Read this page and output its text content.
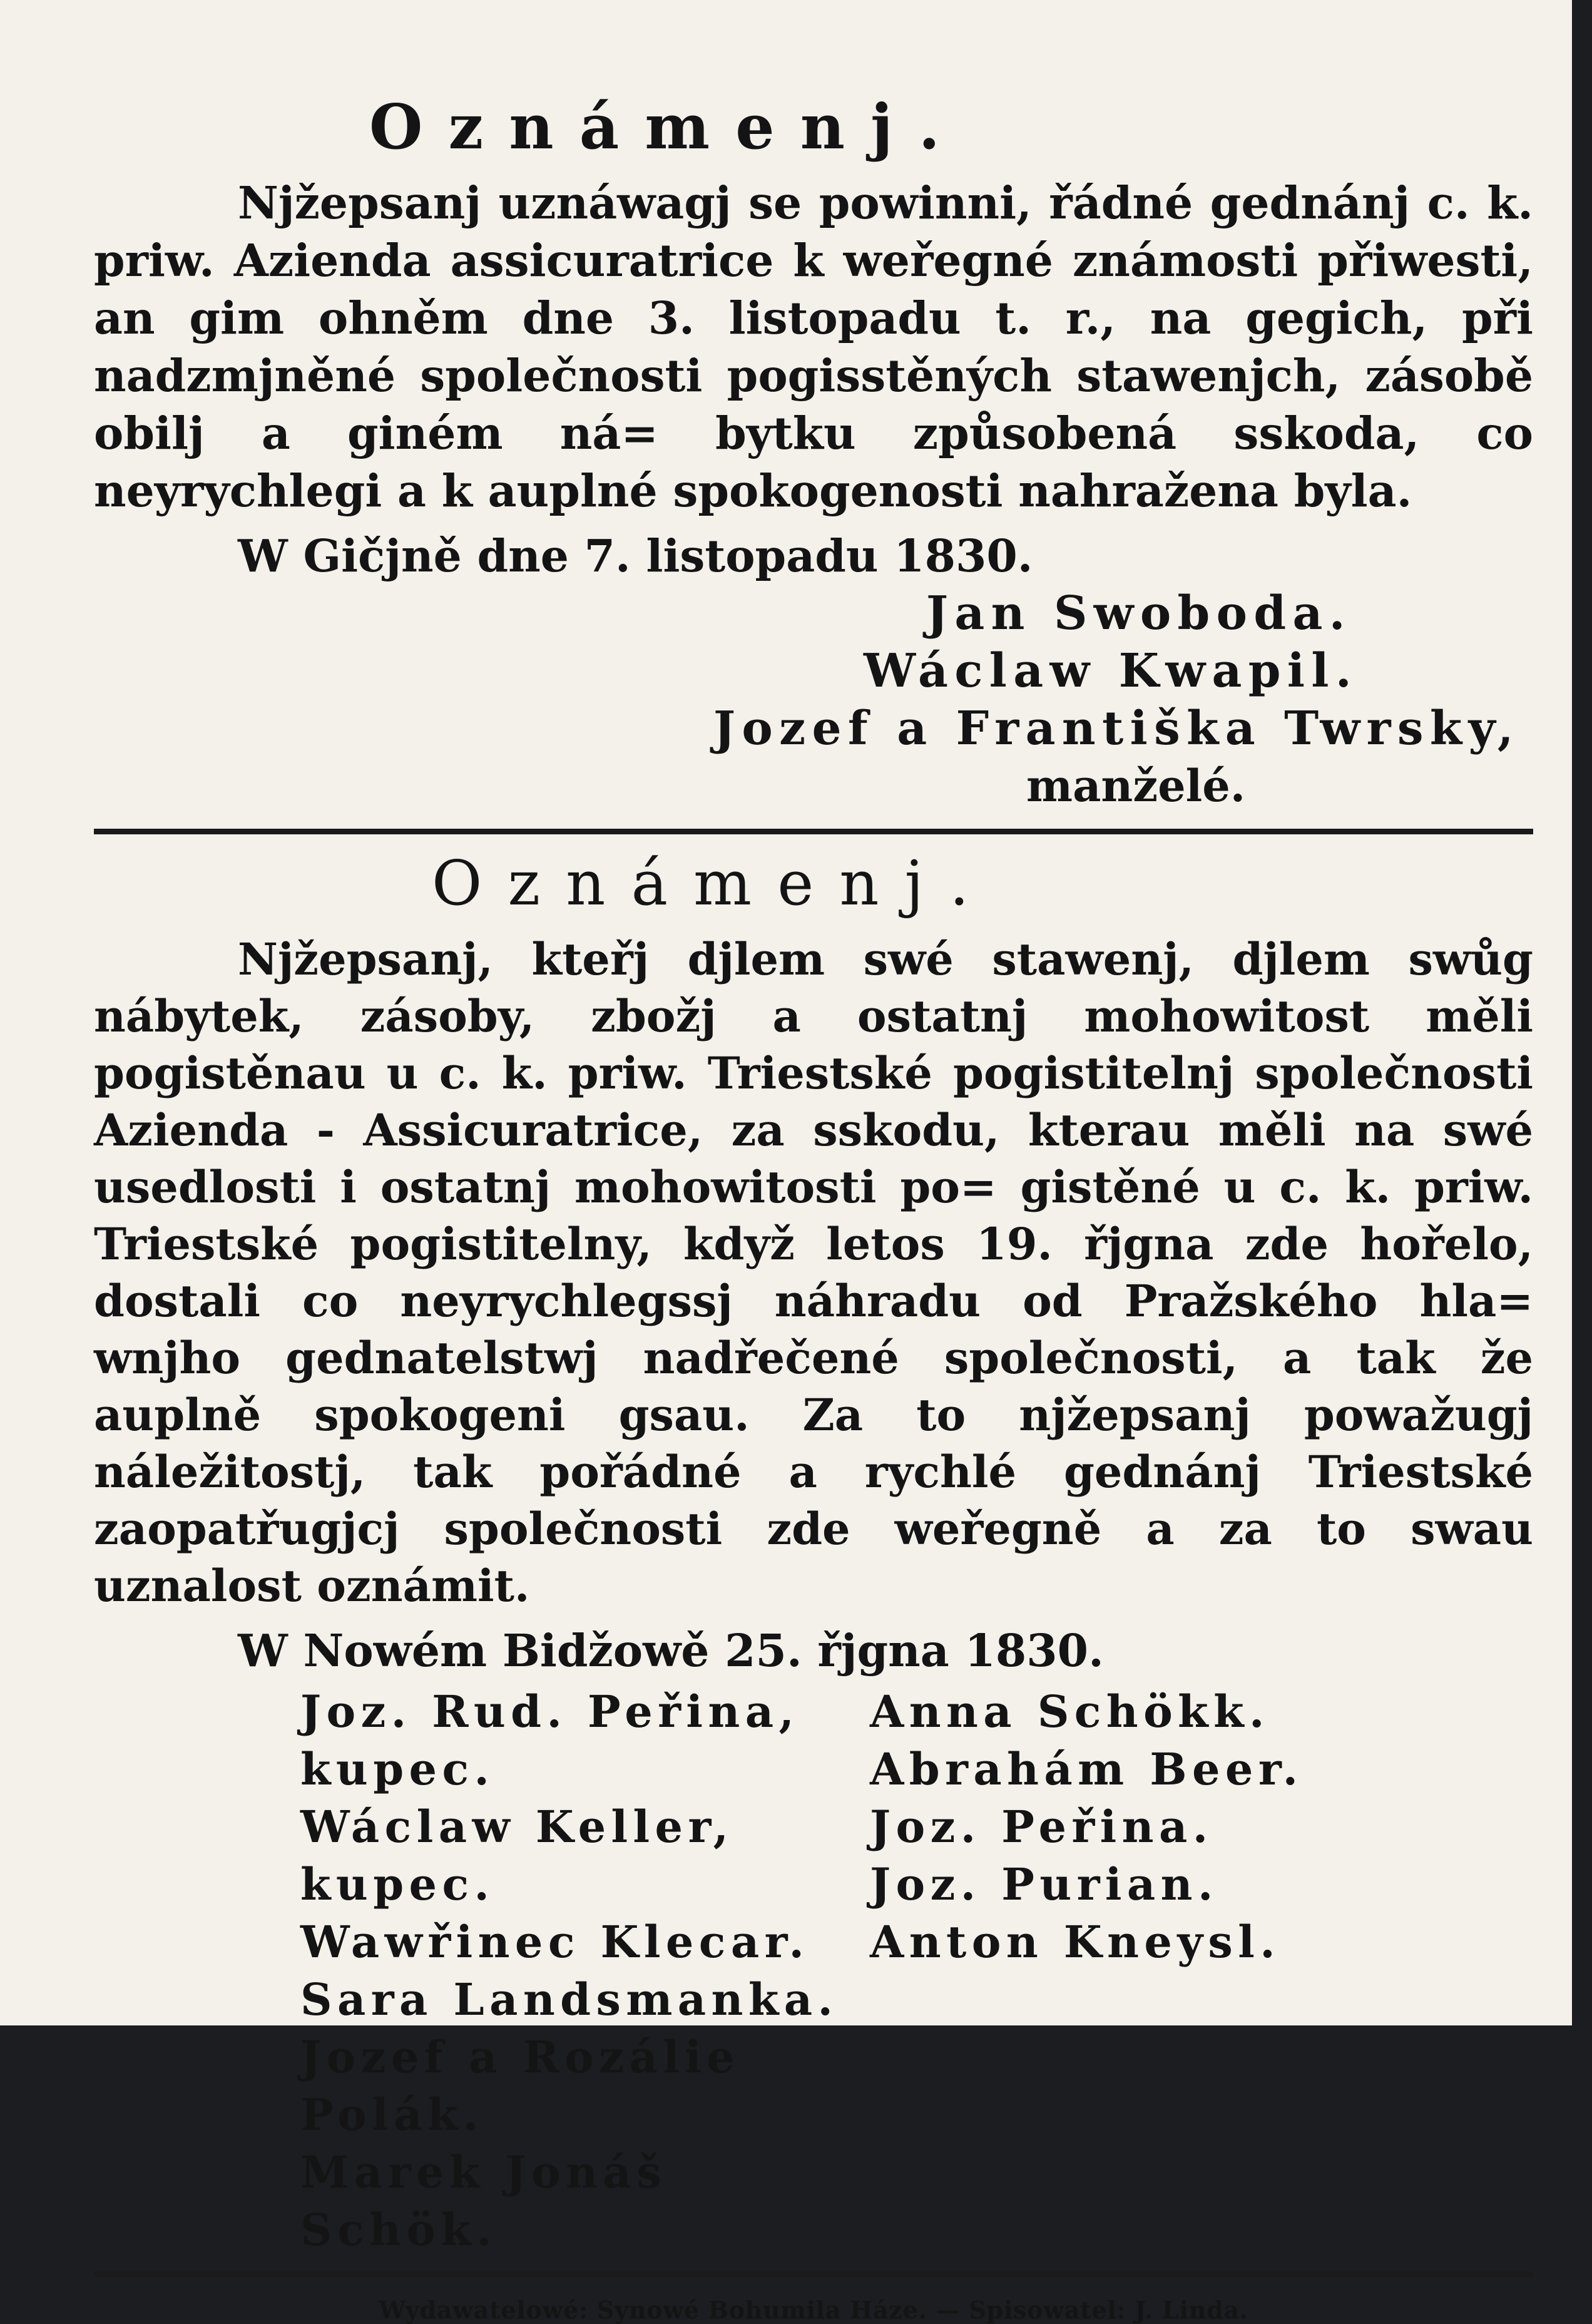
Oznámenj.

Njžepsanj uznáwagj se powinni, řádné gednánj c. k. priw. Azienda assicuratrice k weřegné známosti přiwesti, an gim ohněm dne 3. listopadu t. r., na gegich, při nadzmjněné společnosti pogisstěných stawenjch, zásobě obilj a giném ná= bytku způsobená sskoda, co neyrychlegi a k auplné spokogenosti nahražena byla.

W Gičjně dne 7. listopadu 1830.
Jan Swoboda.
Wáclaw Kwapil.
Jozef a Františka Twrsky,
manželé.
Oznámenj.

Njžepsanj, kteřj djlem swé stawenj, djlem swůg nábytek, zásoby, zbožj a ostatnj mohowitost měli pogistěnau u c. k. priw. Triestské pogistitelnj společnosti Azienda - Assicuratrice, za sskodu, kterau měli na swé usedlosti i ostatnj mohowitosti po= gistěné u c. k. priw. Triestské pogistitelny, když letos 19. řjgna zde hořelo, dostali co neyrychlegssj náhradu od Pražského hla= wnjho gednatelstwj nadřečené společnosti, a tak že auplně spokogeni gsau. Za to njžepsanj powažugj náležitostj, tak pořádné a rychlé gednánj Triestské zaopatřugjcj společnosti zde weřegně a za to swau uznalost oznámit.

W Nowém Bidžowě 25. řjgna 1830.
Joz. Rud. Peřina, kupec.
Wáclaw Keller, kupec.
Wawřinec Klecar.
Sara Landsmanka.
Jozef a Rozálie Polák.
Marek Jonáš Schök.
Anna Schökk.
Abrahám Beer.
Joz. Peřina.
Joz. Purian.
Anton Kneysl.
Wydawatelowé: Synowé Bohumila Háze. — Spisowatel: J. Linda.
